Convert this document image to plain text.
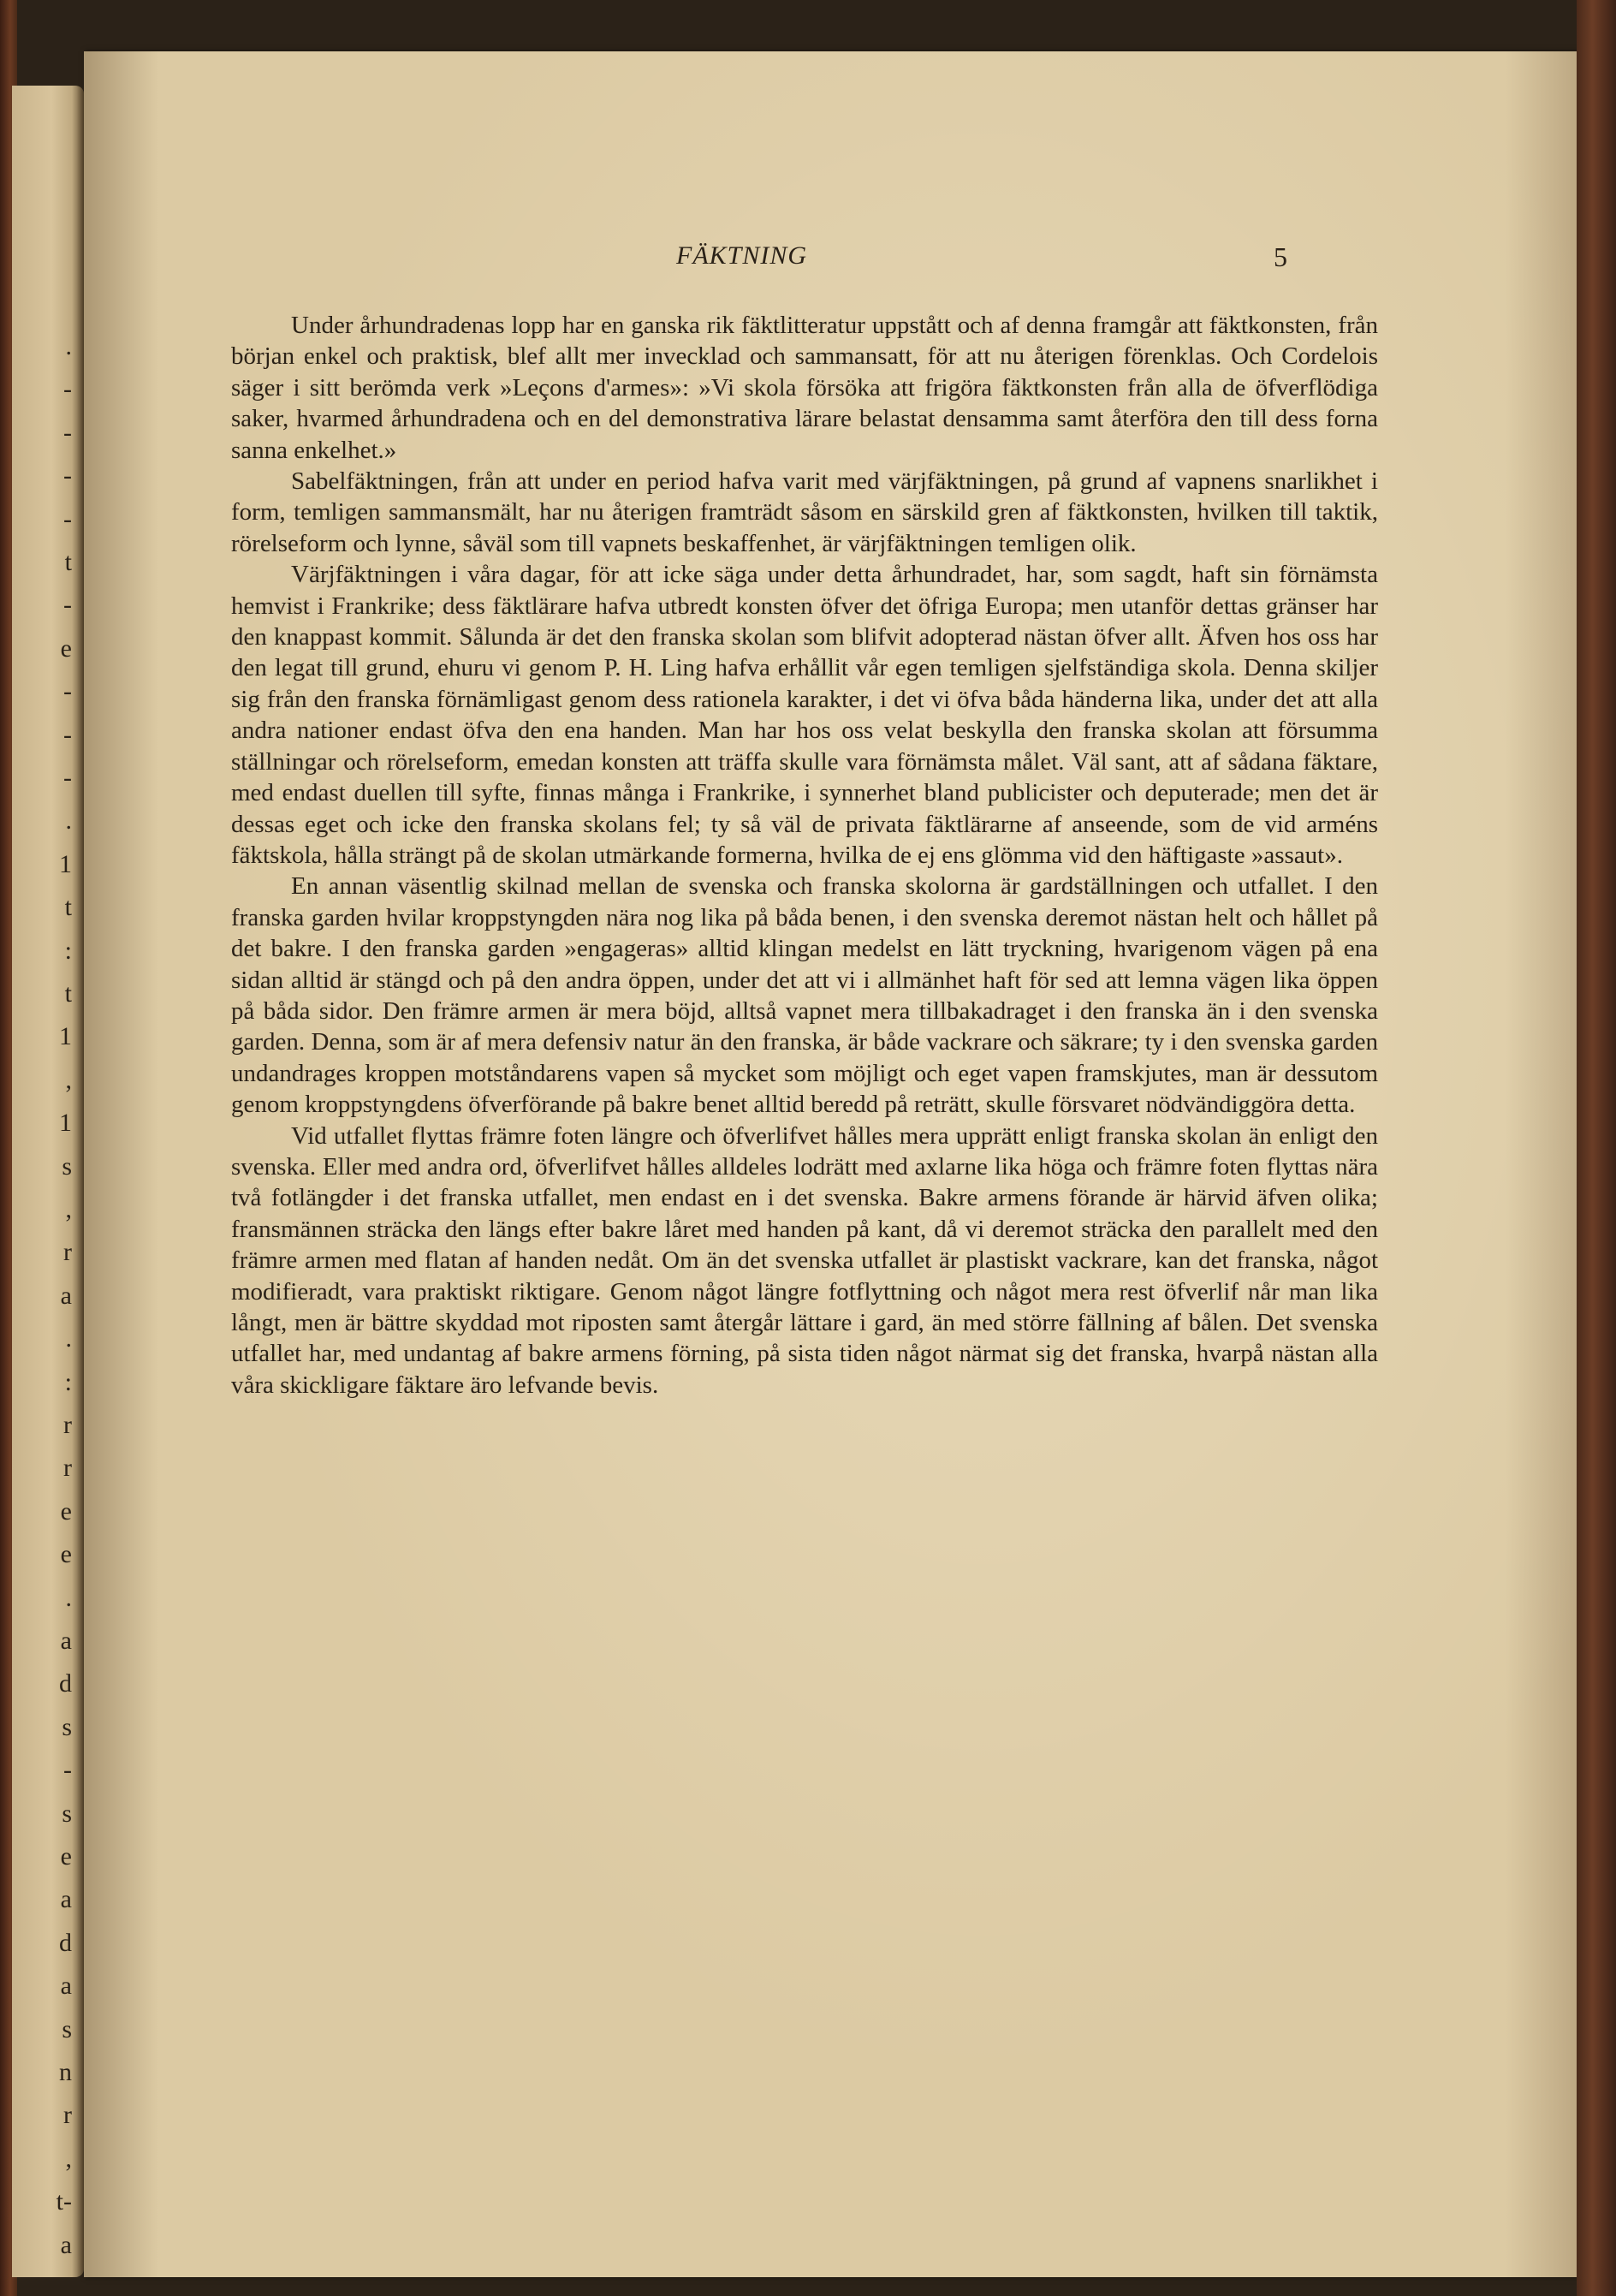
.
-
-
-
-
t
-
e
-
-
-
.
1
t
:
t
1
,
1
s
,
r
a
.
:
r
r
e
e
.
a
d
s
-
s
e
a
d
a
s
n
r
,
t-
a
FÄKTNING	5

Under århundradenas lopp har en ganska rik fäktlitteratur uppstått och af denna framgår att fäktkonsten, från början enkel och praktisk, blef allt mer invecklad och sammansatt, för att nu återigen förenklas. Och Cordelois säger i sitt berömda verk »Leçons d'armes»: »Vi skola försöka att frigöra fäktkonsten från alla de öfverflödiga saker, hvarmed århundradena och en del demonstrativa lärare belastat densamma samt återföra den till dess forna sanna enkelhet.»

Sabelfäktningen, från att under en period hafva varit med värjfäktningen, på grund af vapnens snarlikhet i form, temligen sammansmält, har nu återigen framträdt såsom en särskild gren af fäktkonsten, hvilken till taktik, rörelseform och lynne, såväl som till vapnets beskaffenhet, är värjfäktningen temligen olik.

Värjfäktningen i våra dagar, för att icke säga under detta århundradet, har, som sagdt, haft sin förnämsta hemvist i Frankrike; dess fäktlärare hafva utbredt konsten öfver det öfriga Europa; men utanför dettas gränser har den knappast kommit. Sålunda är det den franska skolan som blifvit adopterad nästan öfver allt. Äfven hos oss har den legat till grund, ehuru vi genom P. H. Ling hafva erhållit vår egen temligen sjelfständiga skola. Denna skiljer sig från den franska förnämligast genom dess rationela karakter, i det vi öfva båda händerna lika, under det att alla andra nationer endast öfva den ena handen. Man har hos oss velat beskylla den franska skolan att försumma ställningar och rörelseform, emedan konsten att träffa skulle vara förnämsta målet. Väl sant, att af sådana fäktare, med endast duellen till syfte, finnas många i Frankrike, i synnerhet bland publicister och deputerade; men det är dessas eget och icke den franska skolans fel; ty så väl de privata fäktlärarne af anseende, som de vid arméns fäktskola, hålla strängt på de skolan utmärkande formerna, hvilka de ej ens glömma vid den häftigaste »assaut».

En annan väsentlig skilnad mellan de svenska och franska skolorna är gardställningen och utfallet. I den franska garden hvilar kroppstyngden nära nog lika på båda benen, i den svenska deremot nästan helt och hållet på det bakre. I den franska garden »engageras» alltid klingan medelst en lätt tryckning, hvarigenom vägen på ena sidan alltid är stängd och på den andra öppen, under det att vi i allmänhet haft för sed att lemna vägen lika öppen på båda sidor. Den främre armen är mera böjd, alltså vapnet mera tillbakadraget i den franska än i den svenska garden. Denna, som är af mera defensiv natur än den franska, är både vackrare och säkrare; ty i den svenska garden undandrages kroppen motståndarens vapen så mycket som möjligt och eget vapen framskjutes, man är dessutom genom kroppstyngdens öfverförande på bakre benet alltid beredd på reträtt, skulle försvaret nödvändiggöra detta.

Vid utfallet flyttas främre foten längre och öfverlifvet hålles mera upprätt enligt franska skolan än enligt den svenska. Eller med andra ord, öfverlifvet hålles alldeles lodrätt med axlarne lika höga och främre foten flyttas nära två fotlängder i det franska utfallet, men endast en i det svenska. Bakre armens förande är härvid äfven olika; fransmännen sträcka den längs efter bakre låret med handen på kant, då vi deremot sträcka den parallelt med den främre armen med flatan af handen nedåt. Om än det svenska utfallet är plastiskt vackrare, kan det franska, något modifieradt, vara praktiskt riktigare. Genom något längre fotflyttning och något mera rest öfverlif når man lika långt, men är bättre skyddad mot riposten samt återgår lättare i gard, än med större fällning af bålen. Det svenska utfallet har, med undantag af bakre armens förning, på sista tiden något närmat sig det franska, hvarpå nästan alla våra skickligare fäktare äro lefvande bevis.
